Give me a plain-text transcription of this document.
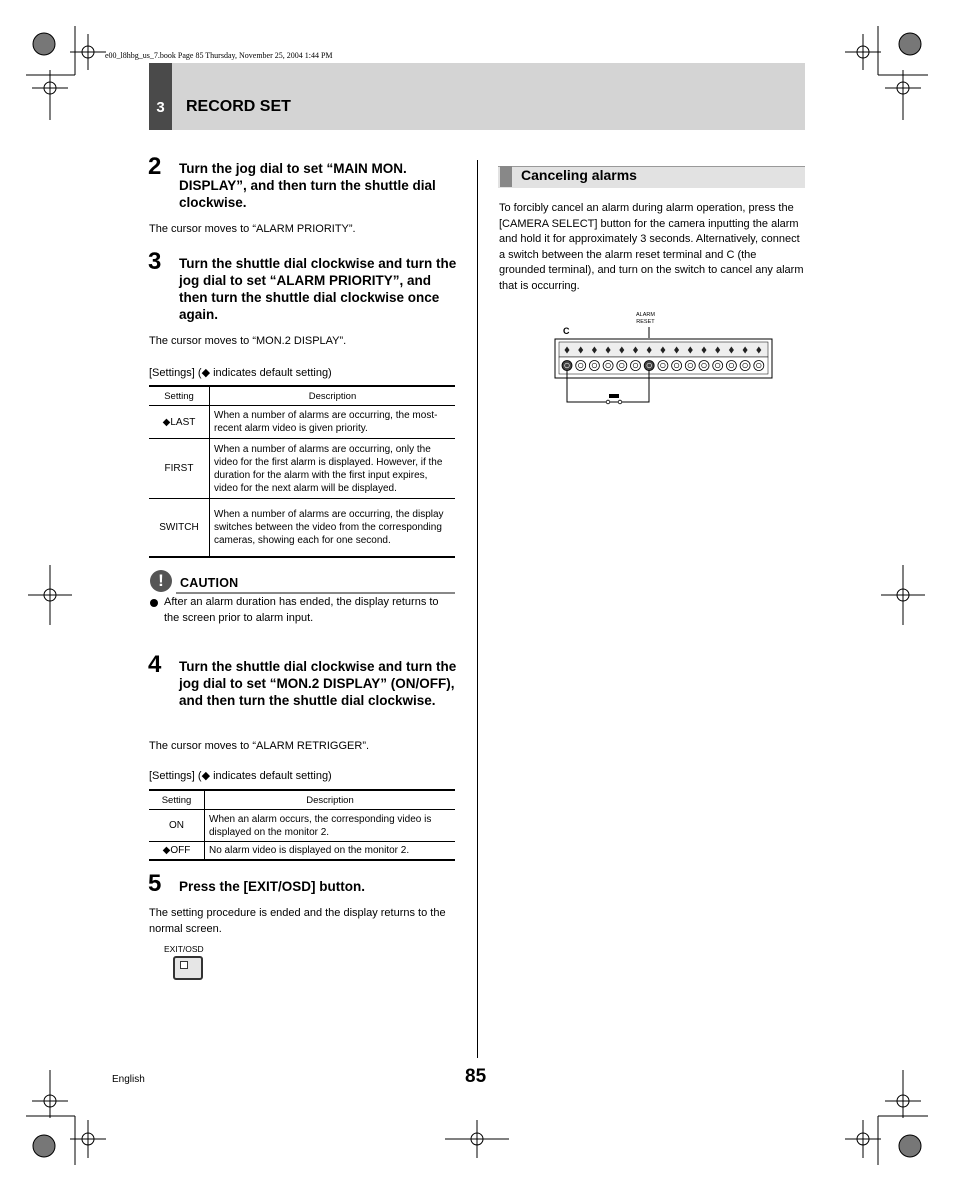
e00_l8hbg_us_7.book Page 85 Thursday, November 25, 2004 1:44 PM
3	RECORD SET
2 Turn the jog dial to set “MAIN MON. DISPLAY”, and then turn the shuttle dial clockwise.
The cursor moves to “ALARM PRIORITY”.
3 Turn the shuttle dial clockwise and turn the jog dial to set “ALARM PRIORITY”, and then turn the shuttle dial clockwise once again.
The cursor moves to “MON.2 DISPLAY”.
[Settings] (◆ indicates default setting)
Setting	Description
◆LAST	When a number of alarms are occurring, the most-recent alarm video is given priority.
FIRST	When a number of alarms are occurring, only the video for the first alarm is displayed. However, if the duration for the alarm with the first input expires, video for the next alarm will be displayed.
SWITCH	When a number of alarms are occurring, the display switches between the video from the corresponding cameras, showing each for one second.
!	CAUTION
After an alarm duration has ended, the display returns to the screen prior to alarm input.
4 Turn the shuttle dial clockwise and turn the jog dial to set “MON.2 DISPLAY” (ON/OFF), and then turn the shuttle dial clockwise.
The cursor moves to “ALARM RETRIGGER”.
[Settings] (◆ indicates default setting)
Setting	Description
ON	When an alarm occurs, the corresponding video is displayed on the monitor 2.
◆OFF	No alarm video is displayed on the monitor 2.
5 Press the [EXIT/OSD] button.
The setting procedure is ended and the display returns to the normal screen.
EXIT/OSD
Canceling alarms
To forcibly cancel an alarm during alarm operation, press the [CAMERA SELECT] button for the camera inputting the alarm and hold it for approximately 3 seconds. Alternatively, connect a switch between the alarm reset terminal and C (the grounded terminal), and turn on the switch to cancel any alarm that is occurring.
C
ALARM
RESET
English	85
